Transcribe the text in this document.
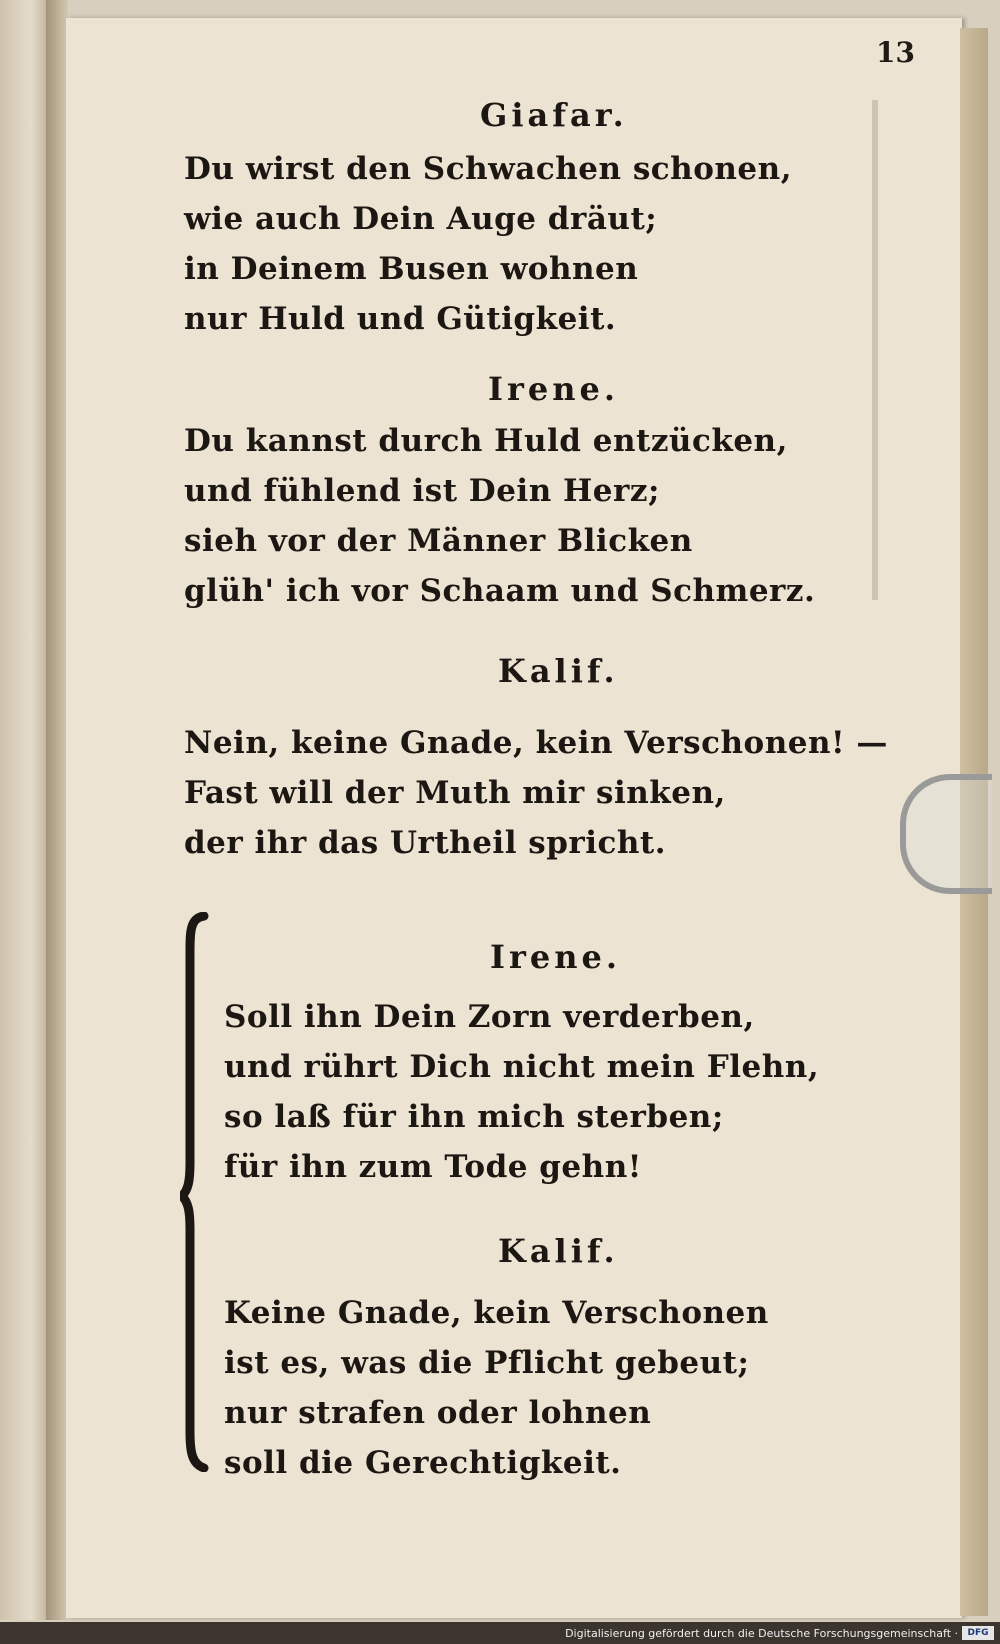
13
Giafar.
Du wirst den Schwachen schonen,
wie auch Dein Auge dräut;
in Deinem Busen wohnen
nur Huld und Gütigkeit.
Irene.
Du kannst durch Huld entzücken,
und fühlend ist Dein Herz;
sieh vor der Männer Blicken
glüh' ich vor Schaam und Schmerz.
Kalif.
Nein, keine Gnade, kein Verschonen! —
Fast will der Muth mir sinken,
der ihr das Urtheil spricht.
Irene.
Soll ihn Dein Zorn verderben,
und rührt Dich nicht mein Flehn,
so laß für ihn mich sterben;
für ihn zum Tode gehn!
Kalif.
Keine Gnade, kein Verschonen
ist es, was die Pflicht gebeut;
nur strafen oder lohnen
soll die Gerechtigkeit.
Digitalisierung gefördert durch die Deutsche Forschungsgemeinschaft ·	DFG
